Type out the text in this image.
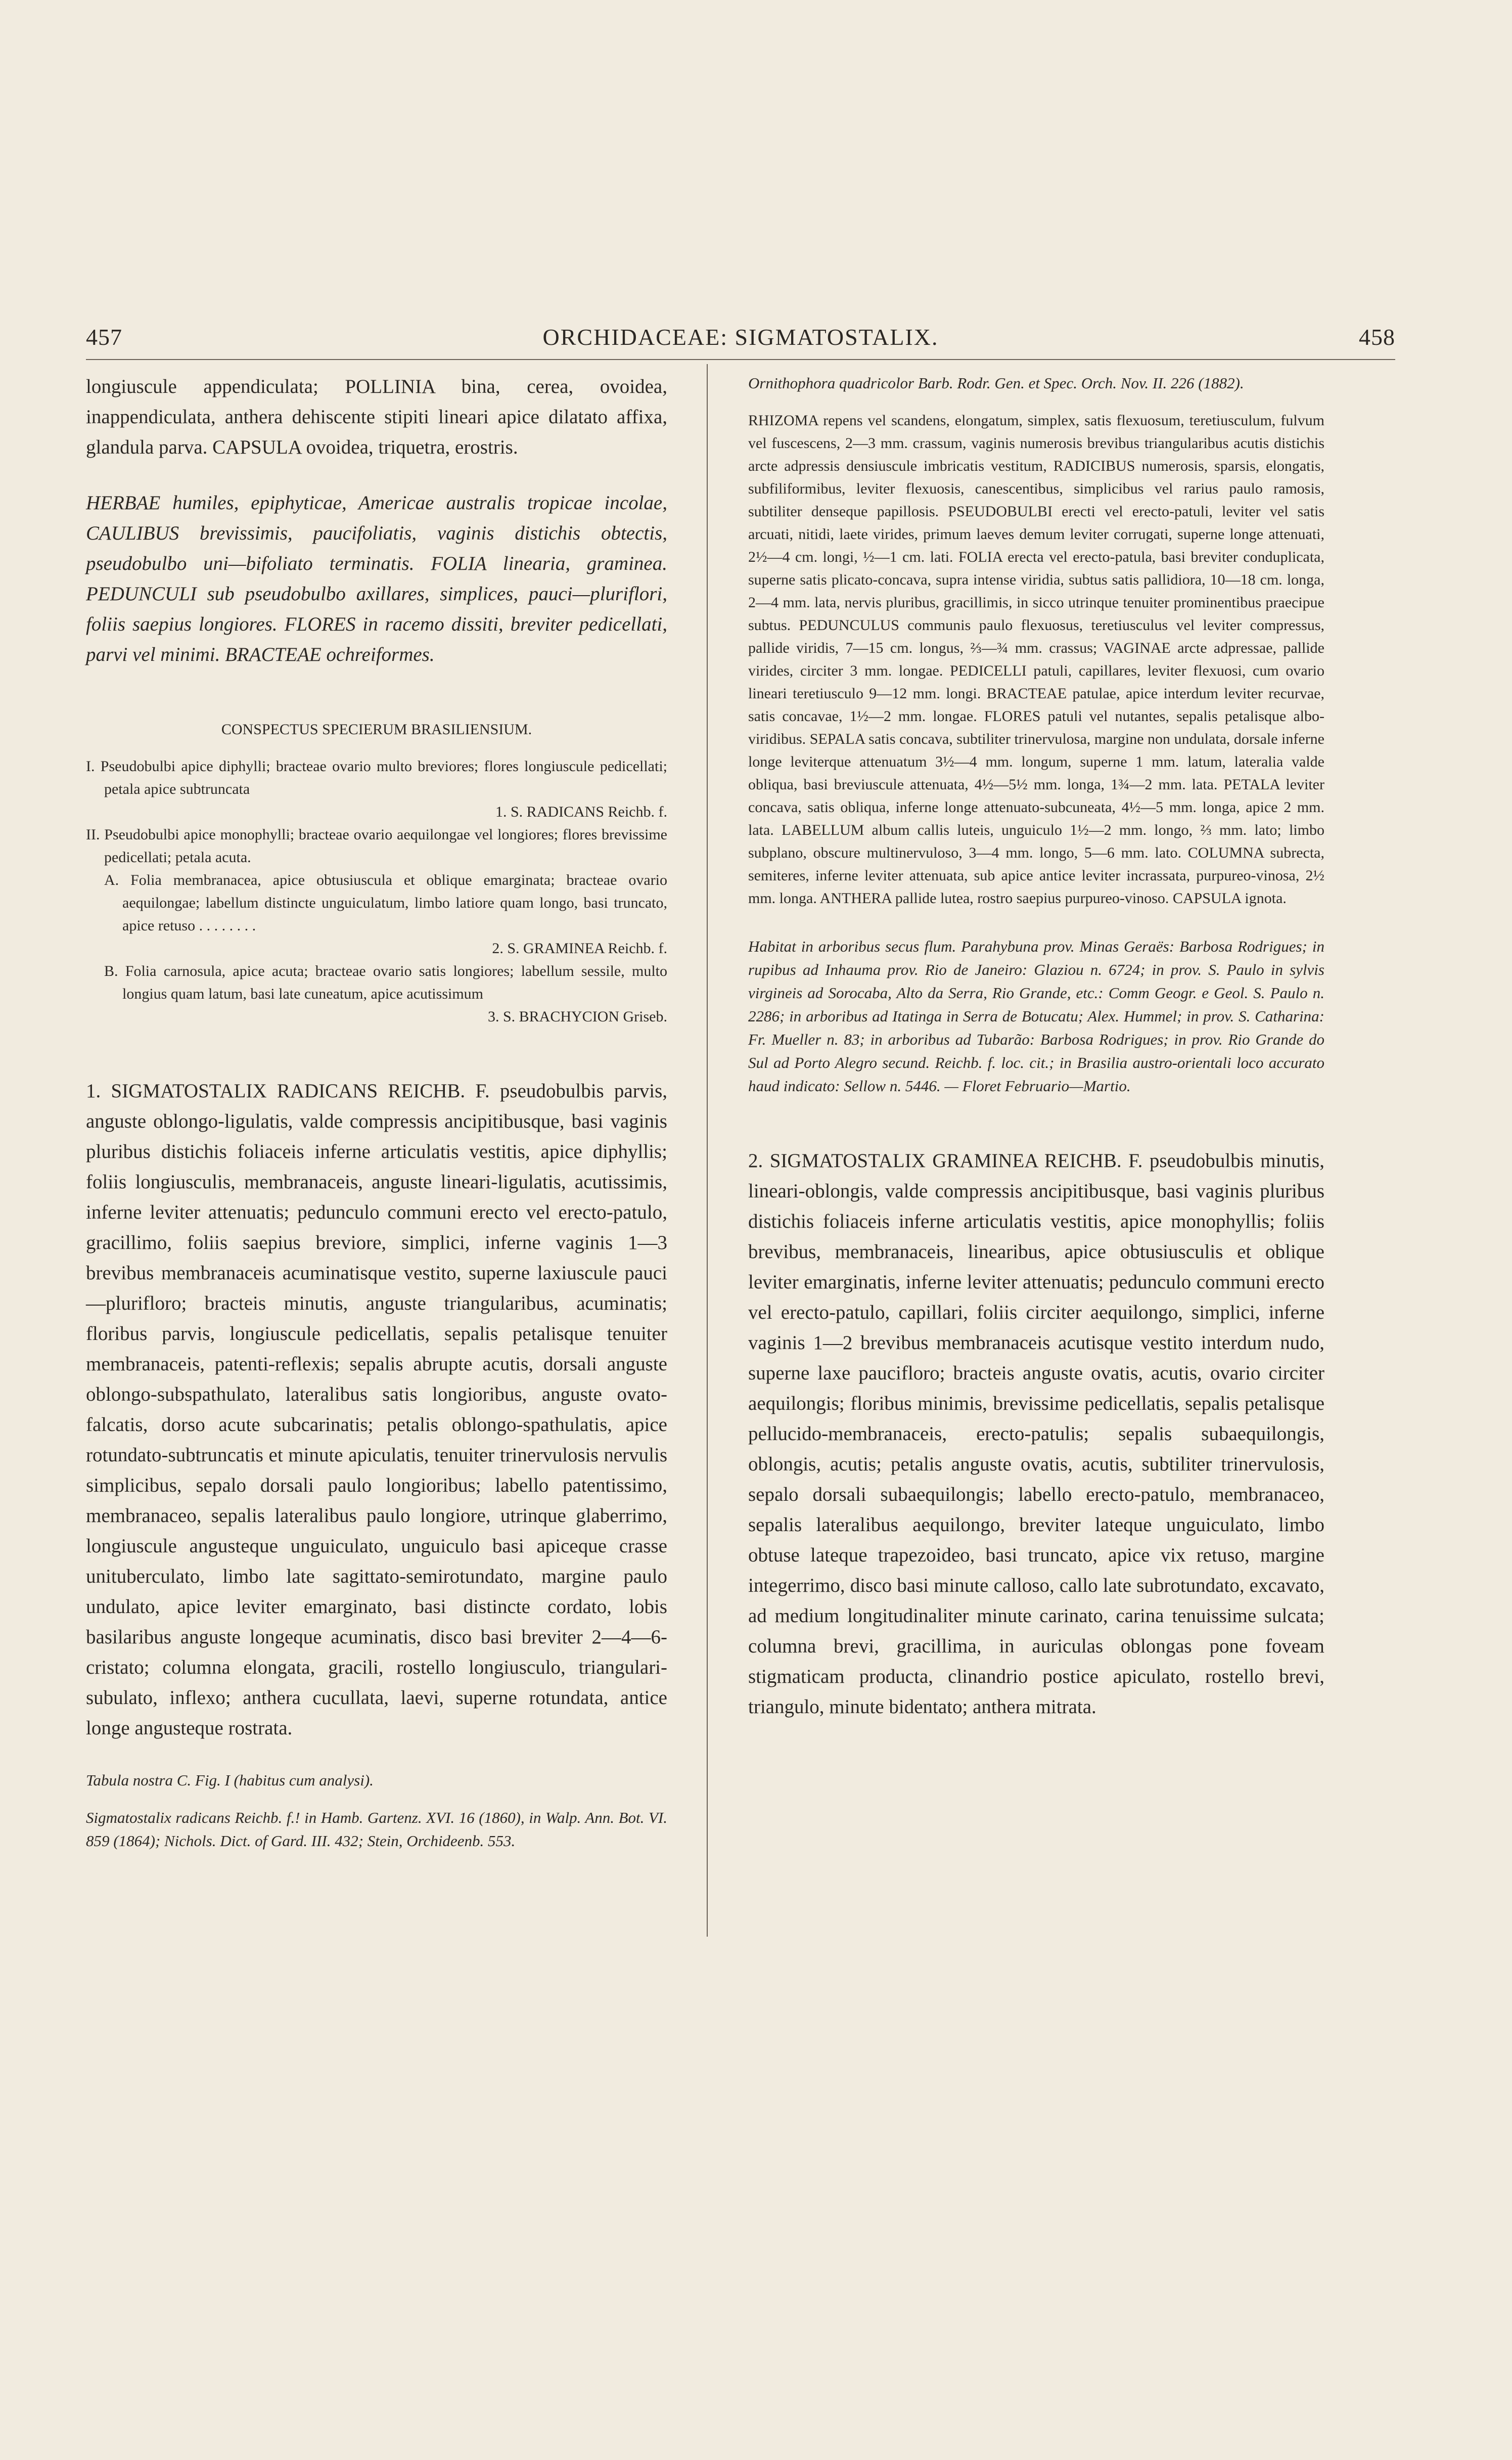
457	ORCHIDACEAE: SIGMATOSTALIX.	458

longiuscule appendiculata; POLLINIA bina, cerea, ovoidea, inappendiculata, anthera dehiscente stipiti lineari apice dilatato affixa, glandula parva. CAPSULA ovoidea, triquetra, erostris.

HERBAE humiles, epiphyticae, Americae australis tropicae incolae, CAULIBUS brevissimis, paucifoliatis, vaginis distichis obtectis, pseudobulbo uni—bifoliato terminatis. FOLIA linearia, graminea. PEDUNCULI sub pseudobulbo axillares, simplices, pauci—pluriflori, foliis saepius longiores. FLORES in racemo dissiti, breviter pedicellati, parvi vel minimi. BRACTEAE ochreiformes.

CONSPECTUS SPECIERUM BRASILIENSIUM.

I. Pseudobulbi apice diphylli; bracteae ovario multo breviores; flores longiuscule pedicellati; petala apice subtruncata

1. S. RADICANS Reichb. f.

II. Pseudobulbi apice monophylli; bracteae ovario aequilongae vel longiores; flores brevissime pedicellati; petala acuta.

A. Folia membranacea, apice obtusiuscula et oblique emarginata; bracteae ovario aequilongae; labellum distincte unguiculatum, limbo latiore quam longo, basi truncato, apice retuso . . . . . . . .

2. S. GRAMINEA Reichb. f.

B. Folia carnosula, apice acuta; bracteae ovario satis longiores; labellum sessile, multo longius quam latum, basi late cuneatum, apice acutissimum

3. S. BRACHYCION Griseb.

1. SIGMATOSTALIX RADICANS REICHB. F. pseudobulbis parvis, anguste oblongo-ligulatis, valde compressis ancipitibusque, basi vaginis pluribus distichis foliaceis inferne articulatis vestitis, apice diphyllis; foliis longiusculis, membranaceis, anguste lineari-ligulatis, acutissimis, inferne leviter attenuatis; pedunculo communi erecto vel erecto-patulo, gracillimo, foliis saepius breviore, simplici, inferne vaginis 1—3 brevibus membranaceis acuminatisque vestito, superne laxiuscule pauci—plurifloro; bracteis minutis, anguste triangularibus, acuminatis; floribus parvis, longiuscule pedicellatis, sepalis petalisque tenuiter membranaceis, patenti-reflexis; sepalis abrupte acutis, dorsali anguste oblongo-subspathulato, lateralibus satis longioribus, anguste ovato-falcatis, dorso acute subcarinatis; petalis oblongo-spathulatis, apice rotundato-subtruncatis et minute apiculatis, tenuiter trinervulosis nervulis simplicibus, sepalo dorsali paulo longioribus; labello patentissimo, membranaceo, sepalis lateralibus paulo longiore, utrinque glaberrimo, longiuscule angusteque unguiculato, unguiculo basi apiceque crasse unituberculato, limbo late sagittato-semirotundato, margine paulo undulato, apice leviter emarginato, basi distincte cordato, lobis basilaribus anguste longeque acuminatis, disco basi breviter 2—4—6-cristato; columna elongata, gracili, rostello longiusculo, triangulari-subulato, inflexo; anthera cucullata, laevi, superne rotundata, antice longe angusteque rostrata.

Tabula nostra C. Fig. I (habitus cum analysi).

Sigmatostalix radicans Reichb. f.! in Hamb. Gartenz. XVI. 16 (1860), in Walp. Ann. Bot. VI. 859 (1864); Nichols. Dict. of Gard. III. 432; Stein, Orchideenb. 553.

Ornithophora quadricolor Barb. Rodr. Gen. et Spec. Orch. Nov. II. 226 (1882).

RHIZOMA repens vel scandens, elongatum, simplex, satis flexuosum, teretiusculum, fulvum vel fuscescens, 2—3 mm. crassum, vaginis numerosis brevibus triangularibus acutis distichis arcte adpressis densiuscule imbricatis vestitum, RADICIBUS numerosis, sparsis, elongatis, subfiliformibus, leviter flexuosis, canescentibus, simplicibus vel rarius paulo ramosis, subtiliter denseque papillosis. PSEUDOBULBI erecti vel erecto-patuli, leviter vel satis arcuati, nitidi, laete virides, primum laeves demum leviter corrugati, superne longe attenuati, 2½—4 cm. longi, ½—1 cm. lati. FOLIA erecta vel erecto-patula, basi breviter conduplicata, superne satis plicato-concava, supra intense viridia, subtus satis pallidiora, 10—18 cm. longa, 2—4 mm. lata, nervis pluribus, gracillimis, in sicco utrinque tenuiter prominentibus praecipue subtus. PEDUNCULUS communis paulo flexuosus, teretiusculus vel leviter compressus, pallide viridis, 7—15 cm. longus, ⅔—¾ mm. crassus; VAGINAE arcte adpressae, pallide virides, circiter 3 mm. longae. PEDICELLI patuli, capillares, leviter flexuosi, cum ovario lineari teretiusculo 9—12 mm. longi. BRACTEAE patulae, apice interdum leviter recurvae, satis concavae, 1½—2 mm. longae. FLORES patuli vel nutantes, sepalis petalisque albo-viridibus. SEPALA satis concava, subtiliter trinervulosa, margine non undulata, dorsale inferne longe leviterque attenuatum 3½—4 mm. longum, superne 1 mm. latum, lateralia valde obliqua, basi breviuscule attenuata, 4½—5½ mm. longa, 1¾—2 mm. lata. PETALA leviter concava, satis obliqua, inferne longe attenuato-subcuneata, 4½—5 mm. longa, apice 2 mm. lata. LABELLUM album callis luteis, unguiculo 1½—2 mm. longo, ⅔ mm. lato; limbo subplano, obscure multinervuloso, 3—4 mm. longo, 5—6 mm. lato. COLUMNA subrecta, semiteres, inferne leviter attenuata, sub apice antice leviter incrassata, purpureo-vinosa, 2½ mm. longa. ANTHERA pallide lutea, rostro saepius purpureo-vinoso. CAPSULA ignota.

Habitat in arboribus secus flum. Parahybuna prov. Minas Geraës: Barbosa Rodrigues; in rupibus ad Inhauma prov. Rio de Janeiro: Glaziou n. 6724; in prov. S. Paulo in sylvis virgineis ad Sorocaba, Alto da Serra, Rio Grande, etc.: Comm Geogr. e Geol. S. Paulo n. 2286; in arboribus ad Itatinga in Serra de Botucatu; Alex. Hummel; in prov. S. Catharina: Fr. Mueller n. 83; in arboribus ad Tubarão: Barbosa Rodrigues; in prov. Rio Grande do Sul ad Porto Alegro secund. Reichb. f. loc. cit.; in Brasilia austro-orientali loco accurato haud indicato: Sellow n. 5446. — Floret Februario—Martio.

2. SIGMATOSTALIX GRAMINEA REICHB. F. pseudobulbis minutis, lineari-oblongis, valde compressis ancipitibusque, basi vaginis pluribus distichis foliaceis inferne articulatis vestitis, apice monophyllis; foliis brevibus, membranaceis, linearibus, apice obtusiusculis et oblique leviter emarginatis, inferne leviter attenuatis; pedunculo communi erecto vel erecto-patulo, capillari, foliis circiter aequilongo, simplici, inferne vaginis 1—2 brevibus membranaceis acutisque vestito interdum nudo, superne laxe paucifloro; bracteis anguste ovatis, acutis, ovario circiter aequilongis; floribus minimis, brevissime pedicellatis, sepalis petalisque pellucido-membranaceis, erecto-patulis; sepalis subaequilongis, oblongis, acutis; petalis anguste ovatis, acutis, subtiliter trinervulosis, sepalo dorsali subaequilongis; labello erecto-patulo, membranaceo, sepalis lateralibus aequilongo, breviter lateque unguiculato, limbo obtuse lateque trapezoideo, basi truncato, apice vix retuso, margine integerrimo, disco basi minute calloso, callo late subrotundato, excavato, ad medium longitudinaliter minute carinato, carina tenuissime sulcata; columna brevi, gracillima, in auriculas oblongas pone foveam stigmaticam producta, clinandrio postice apiculato, rostello brevi, triangulo, minute bidentato; anthera mitrata.
